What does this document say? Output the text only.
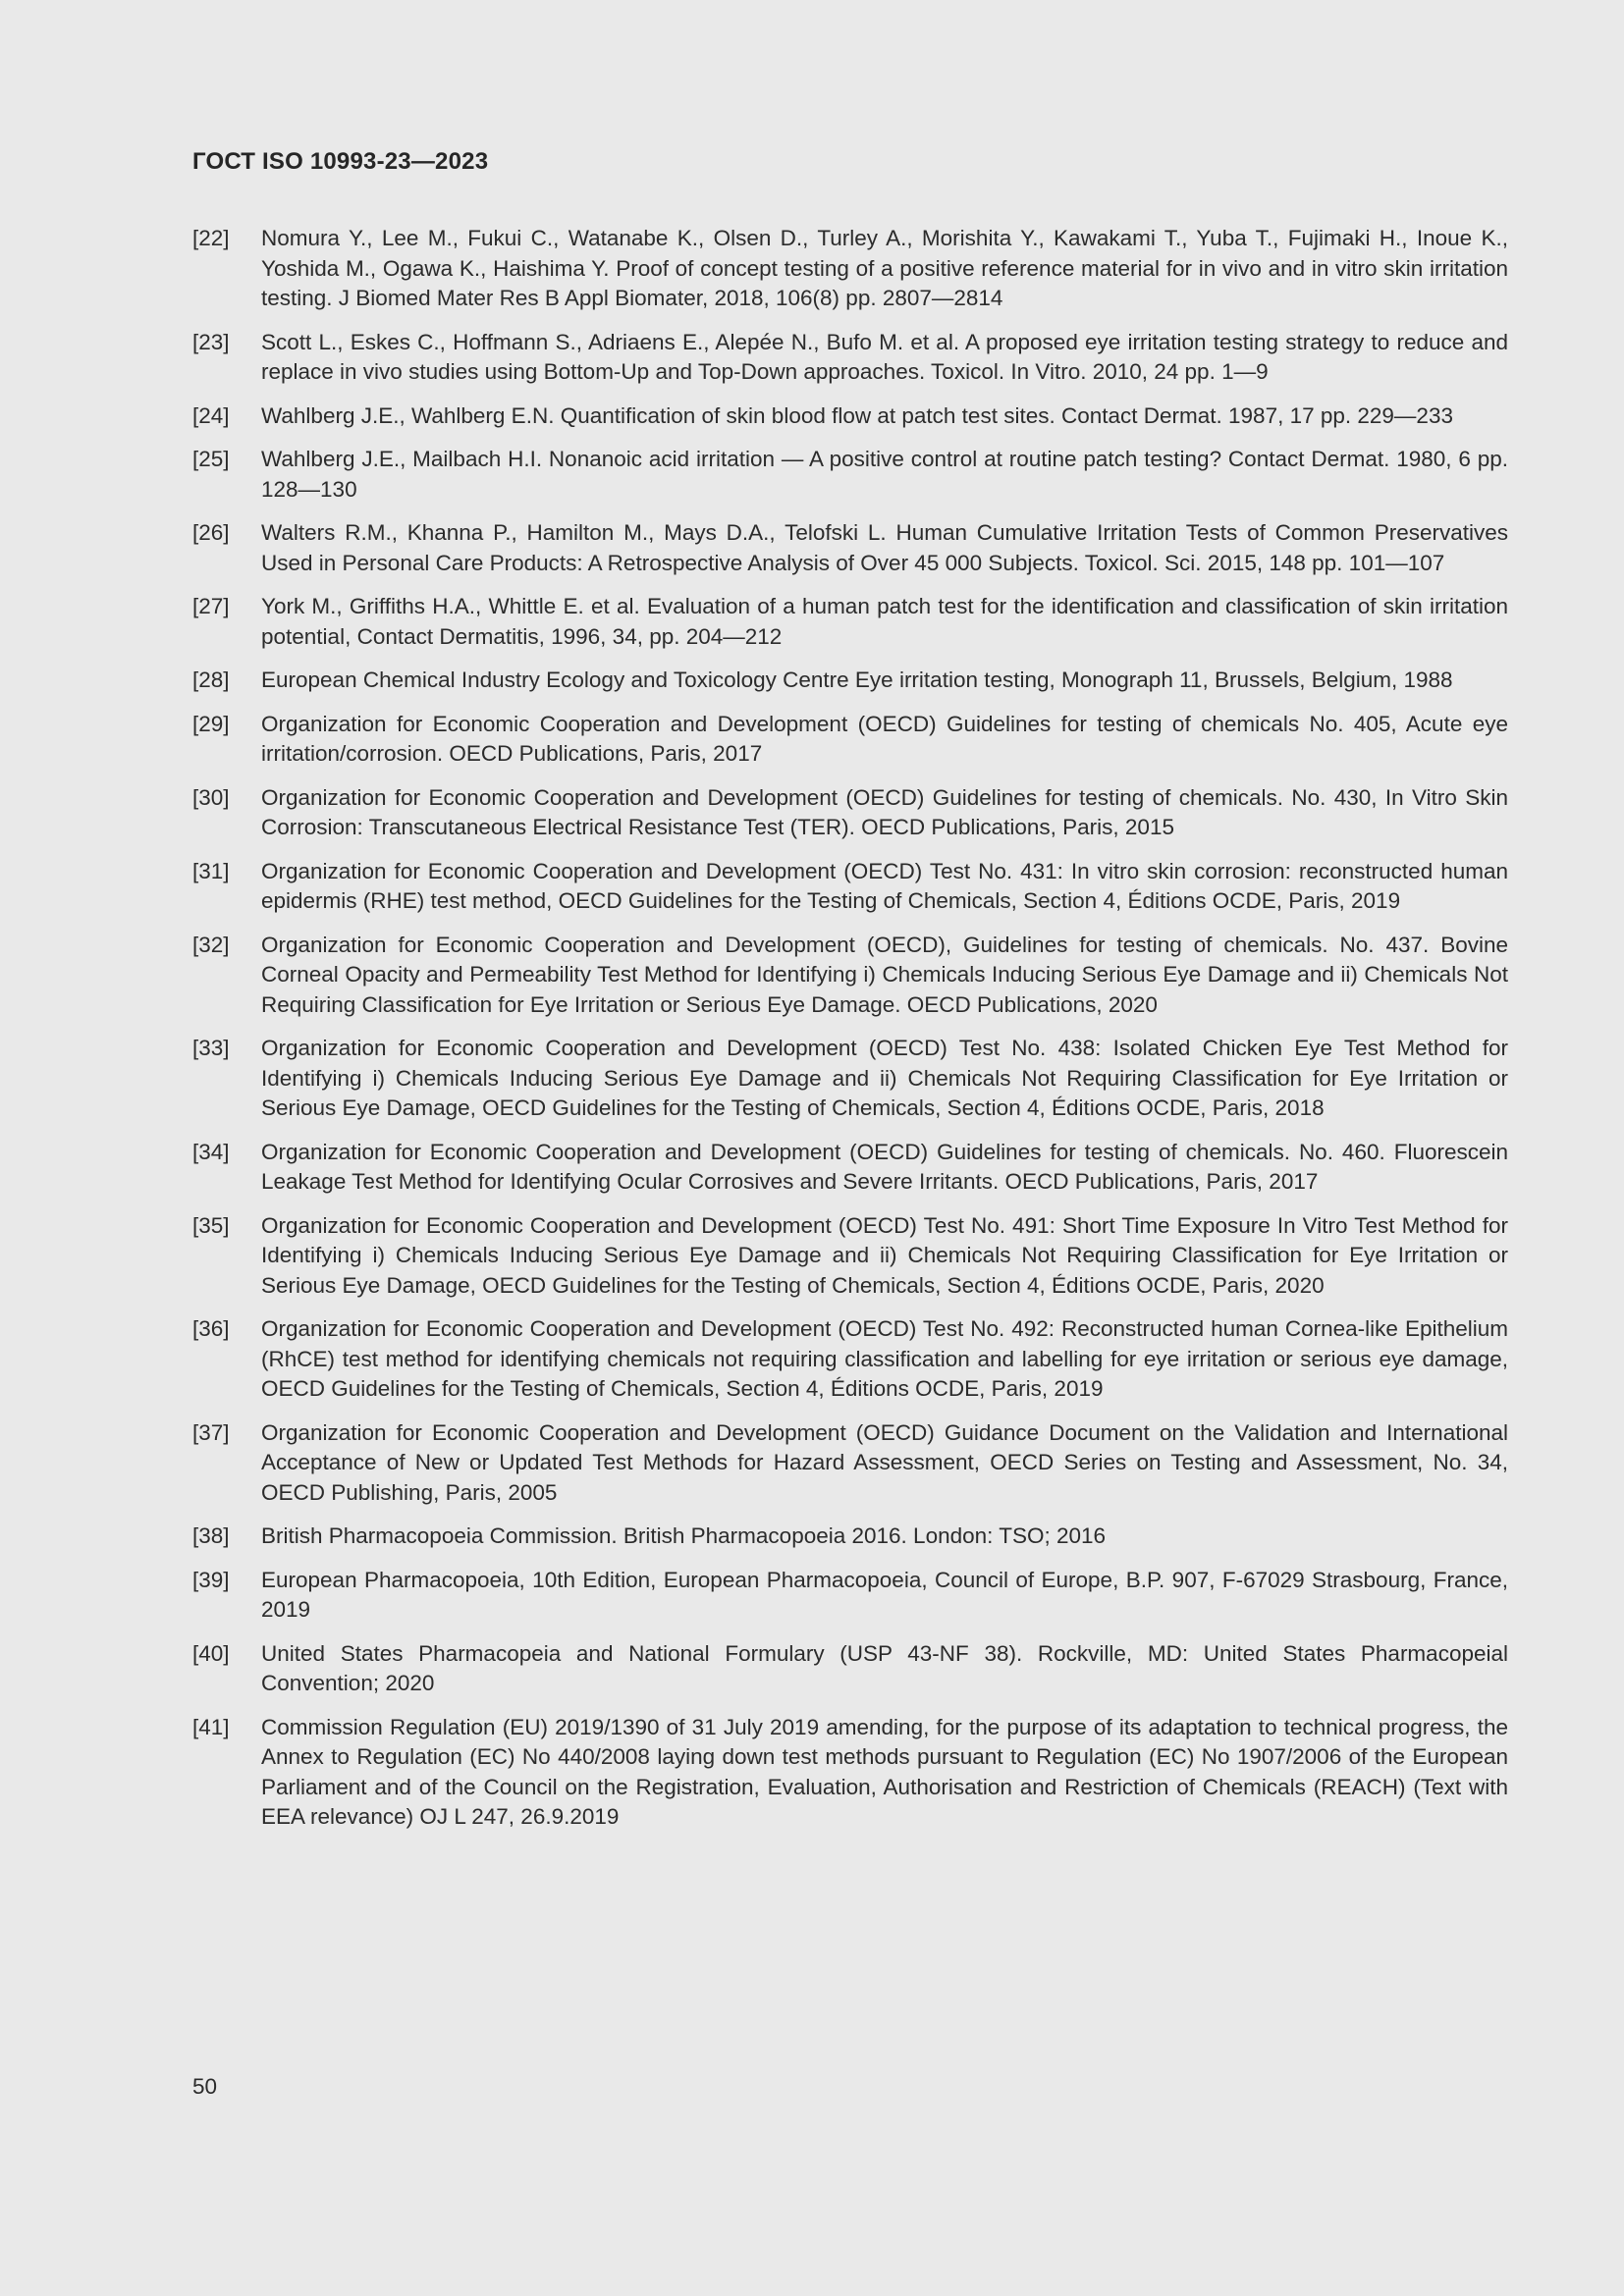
ГОСТ ISO 10993-23—2023
[22]	Nomura Y., Lee M., Fukui C., Watanabe K., Olsen D., Turley A., Morishita Y., Kawakami T., Yuba T., Fujimaki H., Inoue K., Yoshida M., Ogawa K., Haishima Y. Proof of concept testing of a positive reference material for in vivo and in vitro skin irritation testing. J Biomed Mater Res B Appl Biomater, 2018, 106(8) pp. 2807—2814
[23]	Scott L., Eskes C., Hoffmann S., Adriaens E., Alepée N., Bufo M. et al. A proposed eye irritation testing strategy to reduce and replace in vivo studies using Bottom-Up and Top-Down approaches. Toxicol. In Vitro. 2010, 24 pp. 1—9
[24]	Wahlberg J.E., Wahlberg E.N. Quantification of skin blood flow at patch test sites. Contact Dermat. 1987, 17 pp. 229—233
[25]	Wahlberg J.E., Mailbach H.I. Nonanoic acid irritation — A positive control at routine patch testing? Contact Dermat. 1980, 6 pp. 128—130
[26]	Walters R.M., Khanna P., Hamilton M., Mays D.A., Telofski L. Human Cumulative Irritation Tests of Common Preservatives Used in Personal Care Products: A Retrospective Analysis of Over 45 000 Subjects. Toxicol. Sci. 2015, 148 pp. 101—107
[27]	York M., Griffiths H.A., Whittle E. et al. Evaluation of a human patch test for the identification and classification of skin irritation potential, Contact Dermatitis, 1996, 34, pp. 204—212
[28]	European Chemical Industry Ecology and Toxicology Centre Eye irritation testing, Monograph 11, Brussels, Belgium, 1988
[29]	Organization for Economic Cooperation and Development (OECD) Guidelines for testing of chemicals No. 405, Acute eye irritation/corrosion. OECD Publications, Paris, 2017
[30]	Organization for Economic Cooperation and Development (OECD) Guidelines for testing of chemicals. No. 430, In Vitro Skin Corrosion: Transcutaneous Electrical Resistance Test (TER). OECD Publications, Paris, 2015
[31]	Organization for Economic Cooperation and Development (OECD) Test No. 431: In vitro skin corrosion: reconstructed human epidermis (RHE) test method, OECD Guidelines for the Testing of Chemicals, Section 4, Éditions OCDE, Paris, 2019
[32]	Organization for Economic Cooperation and Development (OECD), Guidelines for testing of chemicals. No. 437. Bovine Corneal Opacity and Permeability Test Method for Identifying i) Chemicals Inducing Serious Eye Damage and ii) Chemicals Not Requiring Classification for Eye Irritation or Serious Eye Damage. OECD Publications, 2020
[33]	Organization for Economic Cooperation and Development (OECD) Test No. 438: Isolated Chicken Eye Test Method for Identifying i) Chemicals Inducing Serious Eye Damage and ii) Chemicals Not Requiring Classification for Eye Irritation or Serious Eye Damage, OECD Guidelines for the Testing of Chemicals, Section 4, Éditions OCDE, Paris, 2018
[34]	Organization for Economic Cooperation and Development (OECD) Guidelines for testing of chemicals. No. 460. Fluorescein Leakage Test Method for Identifying Ocular Corrosives and Severe Irritants. OECD Publications, Paris, 2017
[35]	Organization for Economic Cooperation and Development (OECD) Test No. 491: Short Time Exposure In Vitro Test Method for Identifying i) Chemicals Inducing Serious Eye Damage and ii) Chemicals Not Requiring Classification for Eye Irritation or Serious Eye Damage, OECD Guidelines for the Testing of Chemicals, Section 4, Éditions OCDE, Paris, 2020
[36]	Organization for Economic Cooperation and Development (OECD) Test No. 492: Reconstructed human Cornea-like Epithelium (RhCE) test method for identifying chemicals not requiring classification and labelling for eye irritation or serious eye damage, OECD Guidelines for the Testing of Chemicals, Section 4, Éditions OCDE, Paris, 2019
[37]	Organization for Economic Cooperation and Development (OECD) Guidance Document on the Validation and International Acceptance of New or Updated Test Methods for Hazard Assessment, OECD Series on Testing and Assessment, No. 34, OECD Publishing, Paris, 2005
[38]	British Pharmacopoeia Commission. British Pharmacopoeia 2016. London: TSO; 2016
[39]	European Pharmacopoeia, 10th Edition, European Pharmacopoeia, Council of Europe, B.P. 907, F-67029 Strasbourg, France, 2019
[40]	United States Pharmacopeia and National Formulary (USP 43-NF 38). Rockville, MD: United States Pharmacopeial Convention; 2020
[41]	Commission Regulation (EU) 2019/1390 of 31 July 2019 amending, for the purpose of its adaptation to technical progress, the Annex to Regulation (EC) No 440/2008 laying down test methods pursuant to Regulation (EC) No 1907/2006 of the European Parliament and of the Council on the Registration, Evaluation, Authorisation and Restriction of Chemicals (REACH) (Text with EEA relevance) OJ L 247, 26.9.2019
50
